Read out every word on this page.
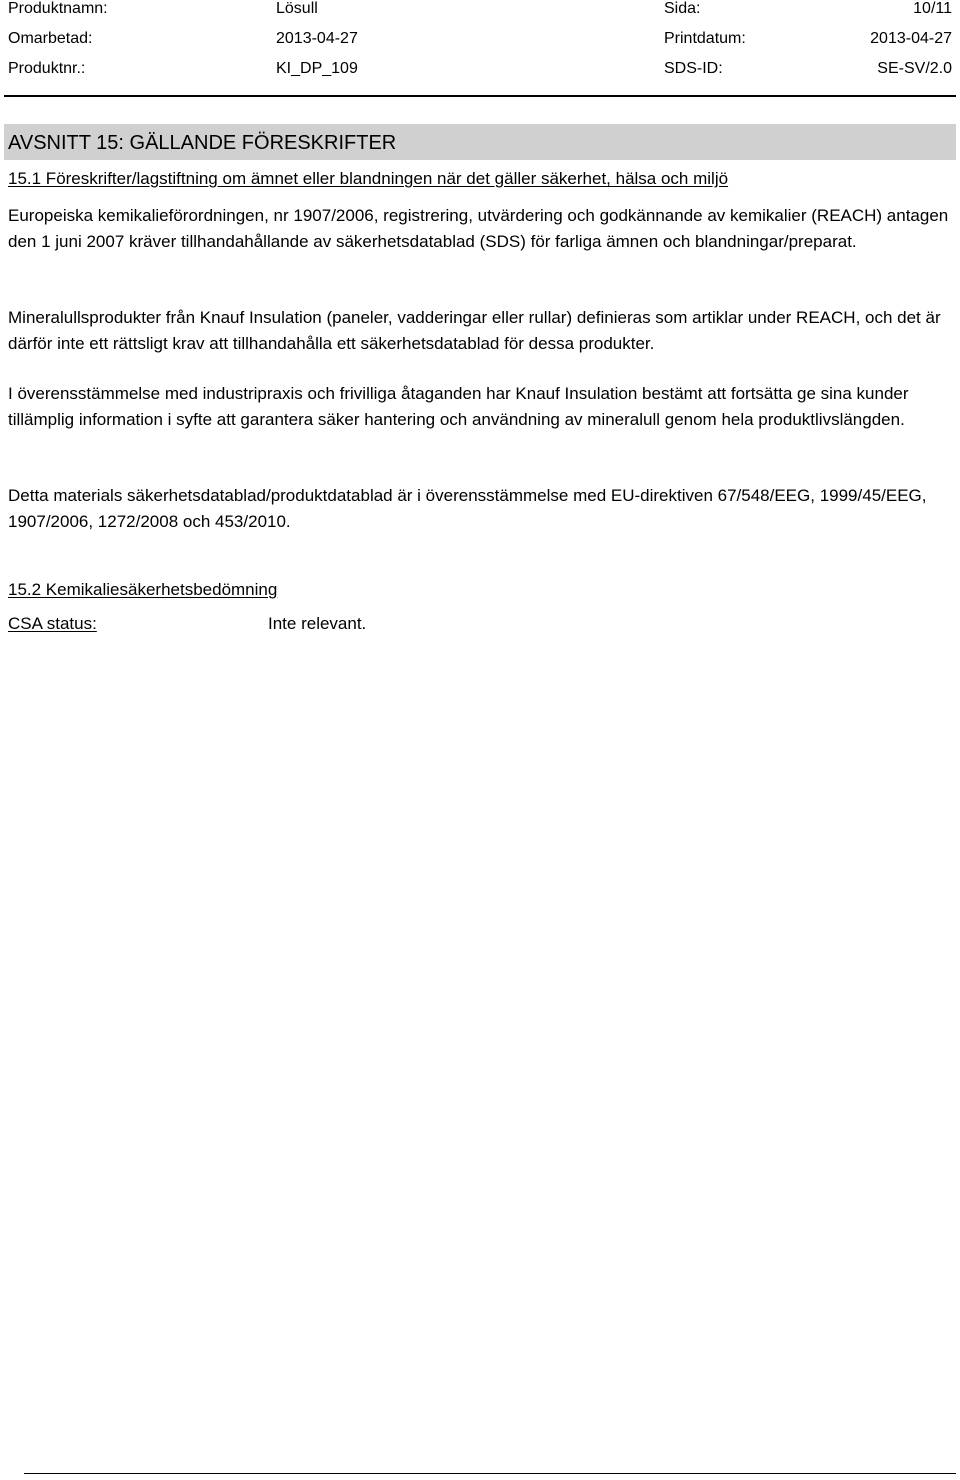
Produktnamn:	Lösull	Sida:	10/11
Omarbetad:	2013-04-27	Printdatum:	2013-04-27
Produktnr.:	KI_DP_109	SDS-ID:	SE-SV/2.0
AVSNITT 15: GÄLLANDE FÖRESKRIFTER
15.1 Föreskrifter/lagstiftning om ämnet eller blandningen när det gäller säkerhet, hälsa och miljö

Europeiska kemikalieförordningen, nr 1907/2006, registrering, utvärdering och godkännande av kemikalier (REACH) antagen den 1 juni 2007 kräver tillhandahållande av säkerhetsdatablad (SDS) för farliga ämnen och blandningar/preparat.

Mineralullsprodukter från Knauf Insulation (paneler, vadderingar eller rullar) definieras som artiklar under REACH, och det är därför inte ett rättsligt krav att tillhandahålla ett säkerhetsdatablad för dessa produkter.

I överensstämmelse med industripraxis och frivilliga åtaganden har Knauf Insulation bestämt att fortsätta ge sina kunder tillämplig information i syfte att garantera säker hantering och användning av mineralull genom hela produktlivslängden.

Detta materials säkerhetsdatablad/produktdatablad är i överensstämmelse med EU-direktiven 67/548/EEG, 1999/45/EEG, 1907/2006, 1272/2008 och 453/2010.

15.2 Kemikaliesäkerhetsbedömning
CSA status:	Inte relevant.
